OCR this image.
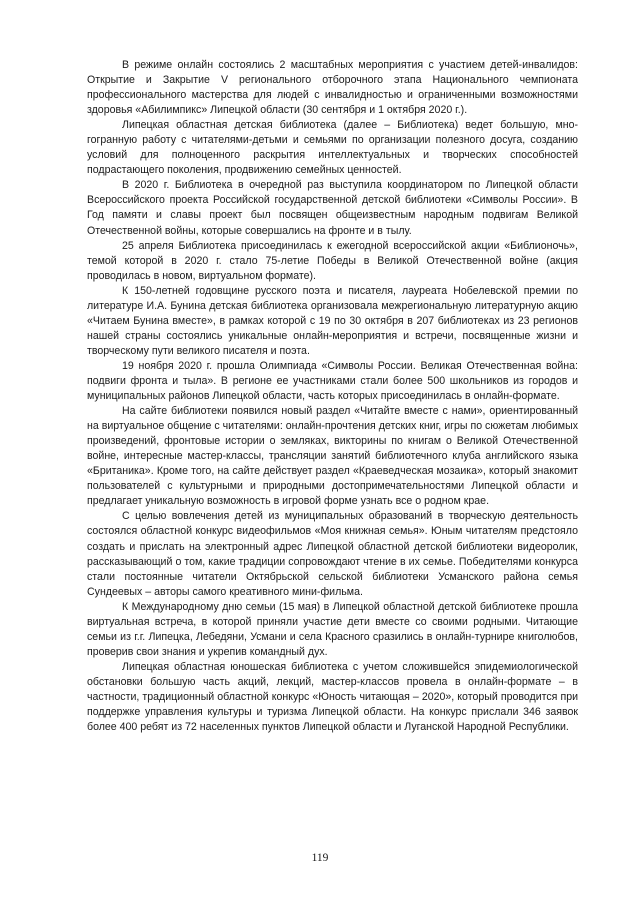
В режиме онлайн состоялись 2 масштабных мероприятия с участием детей-инвалидов: Открытие и Закрытие V регионального отборочного этапа Национального чемпионата профессионального мастерства для людей с инвалидностью и ограниченными возможностями здоровья «Абилимпикс» Липецкой области (30 сентября и 1 октября 2020 г.).

Липецкая областная детская библиотека (далее – Библиотека) ведет большую, многогранную работу с читателями-детьми и семьями по организации полезного досуга, созданию условий для полноценного раскрытия интеллектуальных и творческих способностей подрастающего поколения, продвижению семейных ценностей.

В 2020 г. Библиотека в очередной раз выступила координатором по Липецкой области Всероссийского проекта Российской государственной детской библиотеки «Символы России». В Год памяти и славы проект был посвящен общеизвестным народным подвигам Великой Отечественной войны, которые совершались на фронте и в тылу.

25 апреля Библиотека присоединилась к ежегодной всероссийской акции «Библионочь», темой которой в 2020 г. стало 75-летие Победы в Великой Отечественной войне (акция проводилась в новом, виртуальном формате).

К 150-летней годовщине русского поэта и писателя, лауреата Нобелевской премии по литературе И.А. Бунина детская библиотека организовала межрегиональную литературную акцию «Читаем Бунина вместе», в рамках которой с 19 по 30 октября в 207 библиотеках из 23 регионов нашей страны состоялись уникальные онлайн-мероприятия и встречи, посвященные жизни и творческому пути великого писателя и поэта.

19 ноября 2020 г. прошла Олимпиада «Символы России. Великая Отечественная война: подвиги фронта и тыла». В регионе ее участниками стали более 500 школьников из городов и муниципальных районов Липецкой области, часть которых присоединилась в онлайн-формате.

На сайте библиотеки появился новый раздел «Читайте вместе с нами», ориентированный на виртуальное общение с читателями: онлайн-прочтения детских книг, игры по сюжетам любимых произведений, фронтовые истории о земляках, викторины по книгам о Великой Отечественной войне, интересные мастер-классы, трансляции занятий библиотечного клуба английского языка «Британика». Кроме того, на сайте действует раздел «Краеведческая мозаика», который знакомит пользователей с культурными и природными достопримечательностями Липецкой области и предлагает уникальную возможность в игровой форме узнать все о родном крае.

С целью вовлечения детей из муниципальных образований в творческую деятельность состоялся областной конкурс видеофильмов «Моя книжная семья». Юным читателям предстояло создать и прислать на электронный адрес Липецкой областной детской библиотеки видеоролик, рассказывающий о том, какие традиции сопровождают чтение в их семье. Победителями конкурса стали постоянные читатели Октябрьской сельской библиотеки Усманского района семья Сундеевых – авторы самого креативного мини-фильма.

К Международному дню семьи (15 мая) в Липецкой областной детской библиотеке прошла виртуальная встреча, в которой приняли участие дети вместе со своими родными. Читающие семьи из г.г. Липецка, Лебедяни, Усмани и села Красного сразились в онлайн-турнире книголюбов, проверив свои знания и укрепив командный дух.

Липецкая областная юношеская библиотека с учетом сложившейся эпидемиологической обстановки большую часть акций, лекций, мастер-классов провела в онлайн-формате – в частности, традиционный областной конкурс «Юность читающая – 2020», который проводится при поддержке управления культуры и туризма Липецкой области. На конкурс прислали 346 заявок более 400 ребят из 72 населенных пунктов Липецкой области и Луганской Народной Республики.

119
